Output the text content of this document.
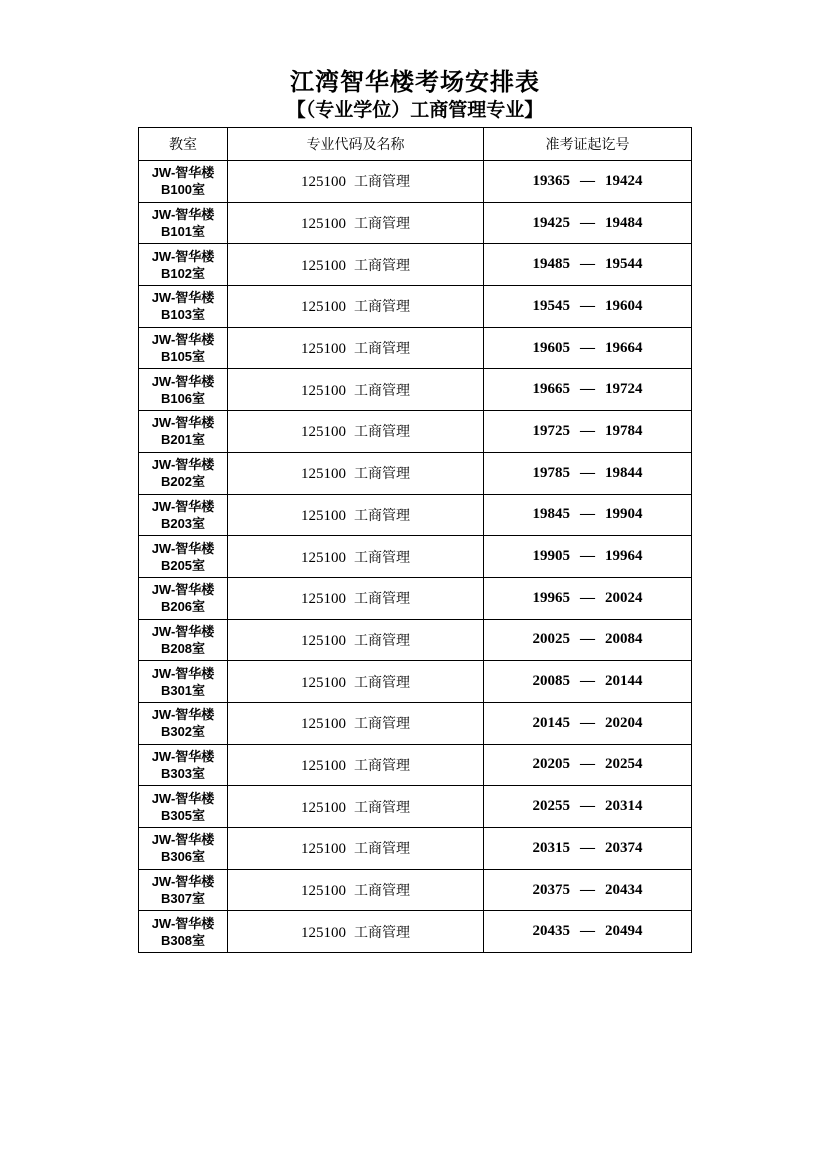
江湾智华楼考场安排表
【（专业学位）工商管理专业】
教室	专业代码及名称	准考证起讫号

JW-智华楼
B100室	125100 工商管理	19365 — 19424

JW-智华楼
B101室	125100 工商管理	19425 — 19484

JW-智华楼
B102室	125100 工商管理	19485 — 19544

JW-智华楼
B103室	125100 工商管理	19545 — 19604

JW-智华楼
B105室	125100 工商管理	19605 — 19664

JW-智华楼
B106室	125100 工商管理	19665 — 19724

JW-智华楼
B201室	125100 工商管理	19725 — 19784

JW-智华楼
B202室	125100 工商管理	19785 — 19844

JW-智华楼
B203室	125100 工商管理	19845 — 19904

JW-智华楼
B205室	125100 工商管理	19905 — 19964

JW-智华楼
B206室	125100 工商管理	19965 — 20024

JW-智华楼
B208室	125100 工商管理	20025 — 20084

JW-智华楼
B301室	125100 工商管理	20085 — 20144

JW-智华楼
B302室	125100 工商管理	20145 — 20204

JW-智华楼
B303室	125100 工商管理	20205 — 20254

JW-智华楼
B305室	125100 工商管理	20255 — 20314

JW-智华楼
B306室	125100 工商管理	20315 — 20374

JW-智华楼
B307室	125100 工商管理	20375 — 20434

JW-智华楼
B308室	125100 工商管理	20435 — 20494
